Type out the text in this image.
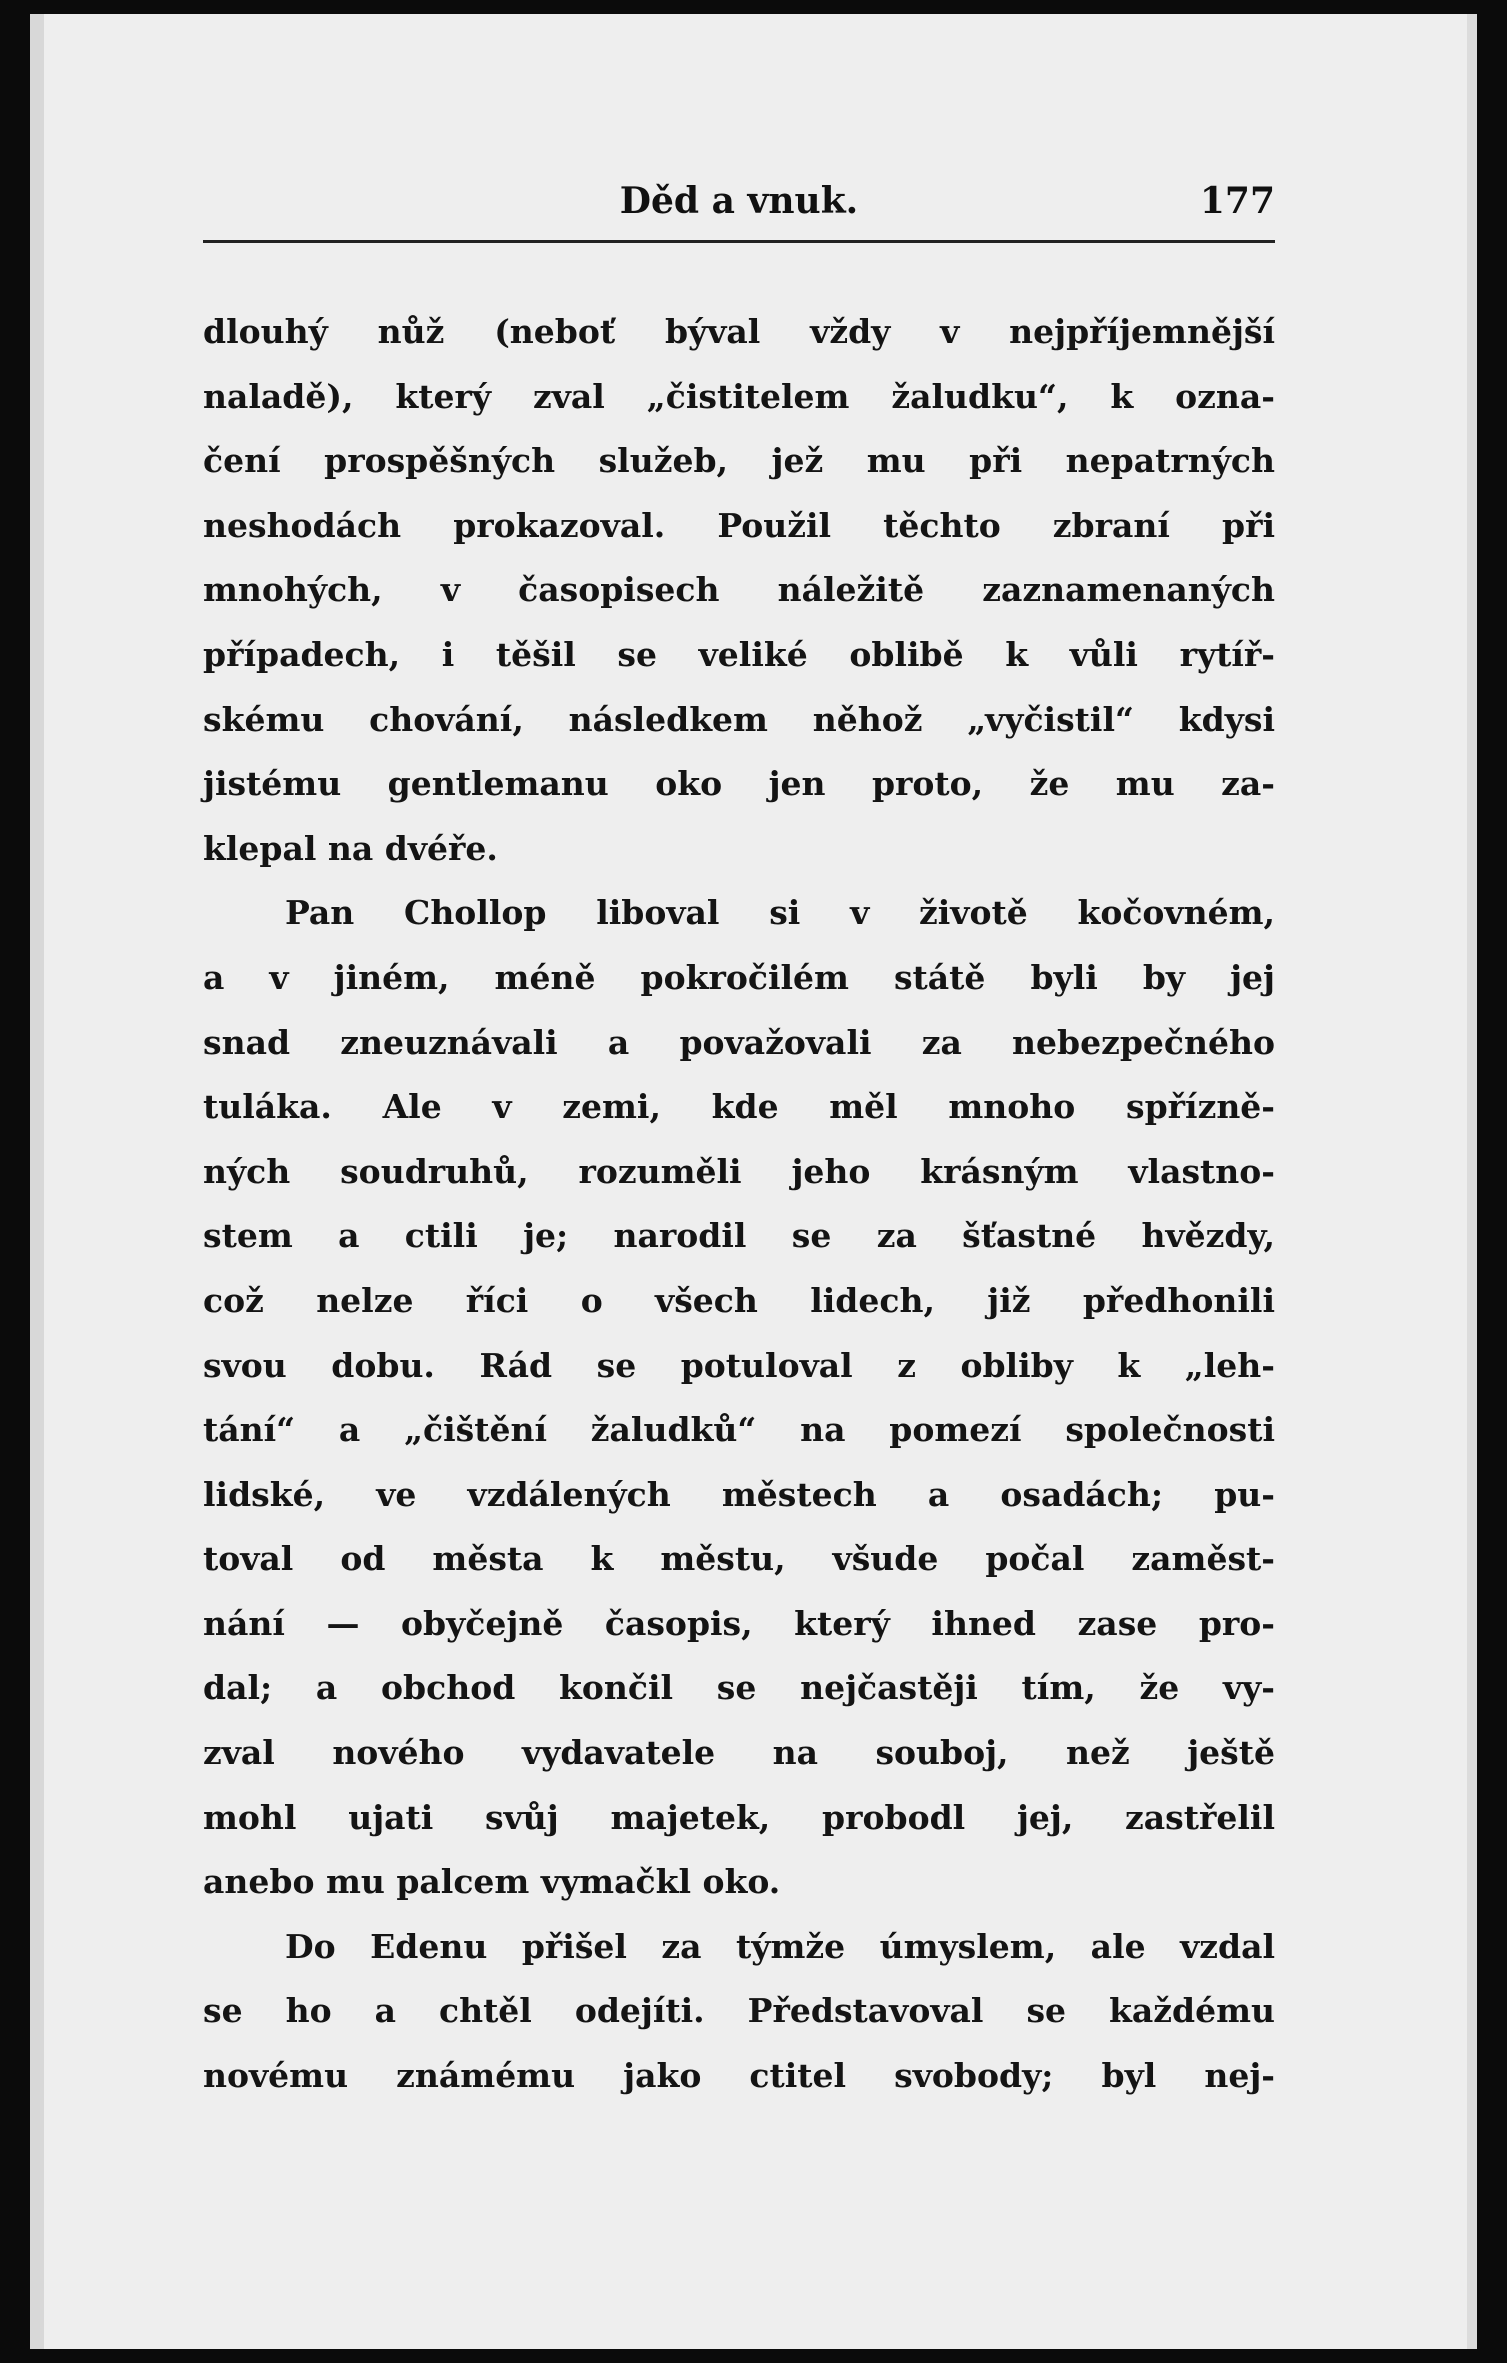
Děd a vnuk.	177
dlouhý nůž (neboť býval vždy v nejpříjemnější
naladě), který zval „čistitelem žaludku“, k ozna-
čení prospěšných služeb, jež mu při nepatrných
neshodách prokazoval. Použil těchto zbraní při
mnohých, v časopisech náležitě zaznamenaných
případech, i těšil se veliké oblibě k vůli rytíř-
skému chování, následkem něhož „vyčistil“ kdysi
jistému gentlemanu oko jen proto, že mu za-
klepal na dvéře.
Pan Chollop liboval si v životě kočovném,
a v jiném, méně pokročilém státě byli by jej
snad zneuznávali a považovali za nebezpečného
tuláka. Ale v zemi, kde měl mnoho spřízně-
ných soudruhů, rozuměli jeho krásným vlastno-
stem a ctili je; narodil se za šťastné hvězdy,
což nelze říci o všech lidech, již předhonili
svou dobu. Rád se potuloval z obliby k „leh-
tání“ a „čištění žaludků“ na pomezí společnosti
lidské, ve vzdálených městech a osadách; pu-
toval od města k městu, všude počal zaměst-
nání — obyčejně časopis, který ihned zase pro-
dal; a obchod končil se nejčastěji tím, že vy-
zval nového vydavatele na souboj, než ještě
mohl ujati svůj majetek, probodl jej, zastřelil
anebo mu palcem vymačkl oko.
Do Edenu přišel za týmže úmyslem, ale vzdal
se ho a chtěl odejíti. Představoval se každému
novému známému jako ctitel svobody; byl nej-
